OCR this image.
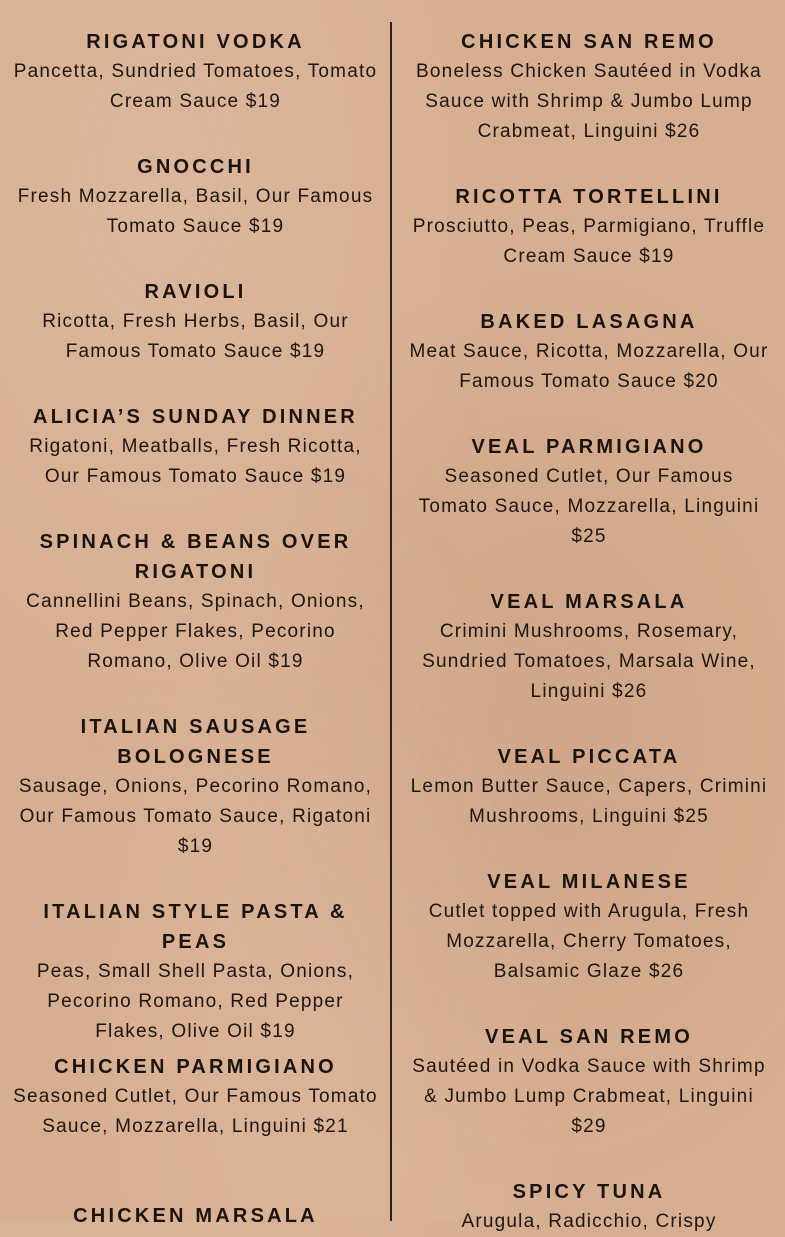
RIGATONI VODKA
Pancetta, Sundried Tomatoes, Tomato Cream Sauce $19
GNOCCHI
Fresh Mozzarella, Basil, Our Famous Tomato Sauce $19
RAVIOLI
Ricotta, Fresh Herbs, Basil, Our Famous Tomato Sauce $19
ALICIA’S SUNDAY DINNER
Rigatoni, Meatballs, Fresh Ricotta, Our Famous Tomato Sauce $19
SPINACH & BEANS OVER RIGATONI
Cannellini Beans, Spinach, Onions, Red Pepper Flakes, Pecorino Romano, Olive Oil $19
ITALIAN SAUSAGE BOLOGNESE
Sausage, Onions, Pecorino Romano, Our Famous Tomato Sauce, Rigatoni $19
ITALIAN STYLE PASTA & PEAS
Peas, Small Shell Pasta, Onions, Pecorino Romano, Red Pepper Flakes, Olive Oil $19
CHICKEN PARMIGIANO
Seasoned Cutlet, Our Famous Tomato Sauce, Mozzarella, Linguini $21
CHICKEN MARSALA
CHICKEN SAN REMO
Boneless Chicken Sautéed in Vodka Sauce with Shrimp & Jumbo Lump Crabmeat, Linguini $26
RICOTTA TORTELLINI
Prosciutto, Peas, Parmigiano, Truffle Cream Sauce $19
BAKED LASAGNA
Meat Sauce, Ricotta, Mozzarella, Our Famous Tomato Sauce $20
VEAL PARMIGIANO
Seasoned Cutlet, Our Famous Tomato Sauce, Mozzarella, Linguini $25
VEAL MARSALA
Crimini Mushrooms, Rosemary, Sundried Tomatoes, Marsala Wine, Linguini $26
VEAL PICCATA
Lemon Butter Sauce, Capers, Crimini Mushrooms, Linguini $25
VEAL MILANESE
Cutlet topped with Arugula, Fresh Mozzarella, Cherry Tomatoes, Balsamic Glaze $26
VEAL SAN REMO
Sautéed in Vodka Sauce with Shrimp & Jumbo Lump Crabmeat, Linguini $29
SPICY TUNA
Arugula, Radicchio, Crispy
